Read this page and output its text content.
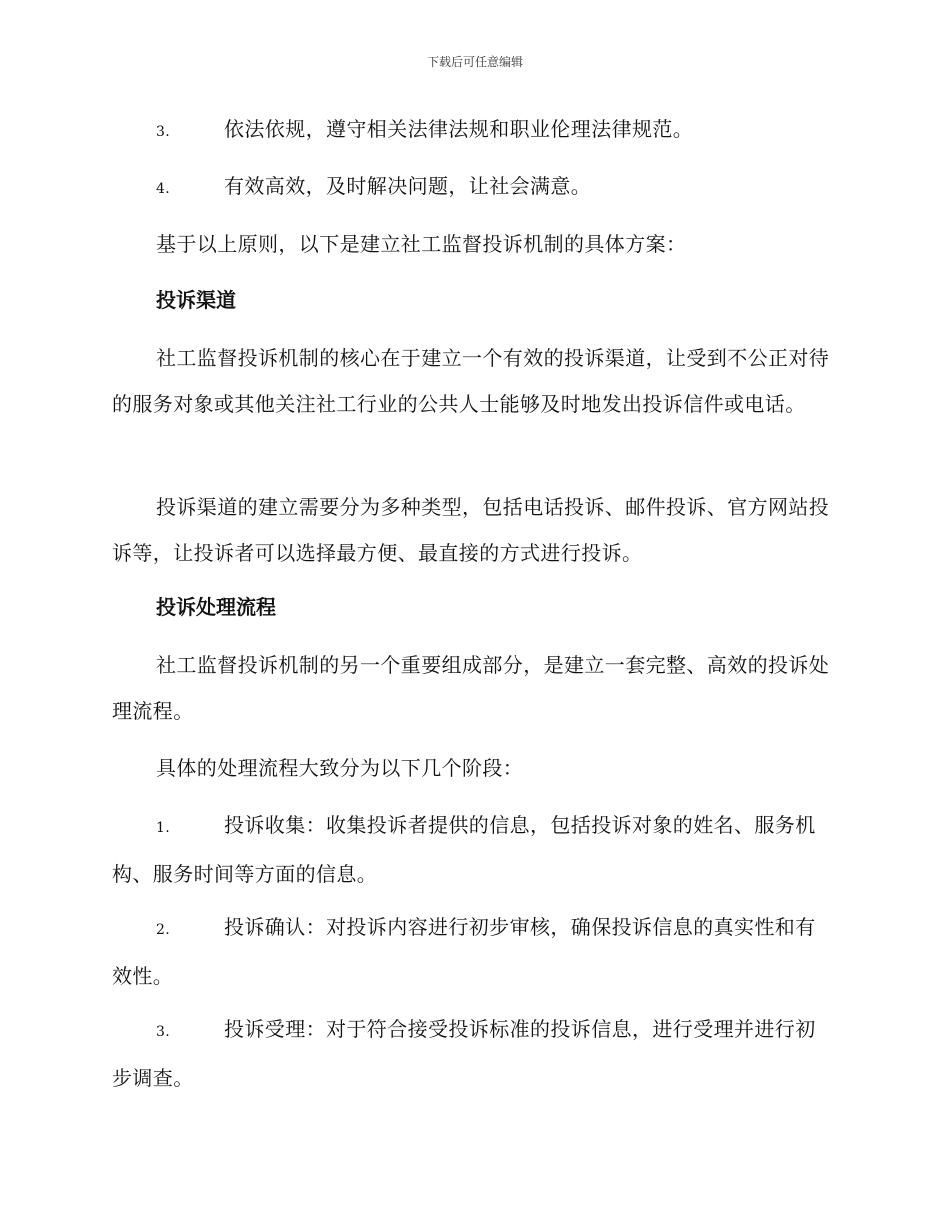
下载后可任意编辑
3.	依法依规，遵守相关法律法规和职业伦理法律规范。
4.	有效高效，及时解决问题，让社会满意。
基于以上原则，以下是建立社工监督投诉机制的具体方案：
投诉渠道
社工监督投诉机制的核心在于建立一个有效的投诉渠道，让受到不公正对待的服务对象或其他关注社工行业的公共人士能够及时地发出投诉信件或电话。
投诉渠道的建立需要分为多种类型，包括电话投诉、邮件投诉、官方网站投诉等，让投诉者可以选择最方便、最直接的方式进行投诉。
投诉处理流程
社工监督投诉机制的另一个重要组成部分，是建立一套完整、高效的投诉处理流程。
具体的处理流程大致分为以下几个阶段：
1.	投诉收集：收集投诉者提供的信息，包括投诉对象的姓名、服务机构、服务时间等方面的信息。
2.	投诉确认：对投诉内容进行初步审核，确保投诉信息的真实性和有效性。
3.	投诉受理：对于符合接受投诉标准的投诉信息，进行受理并进行初步调查。
